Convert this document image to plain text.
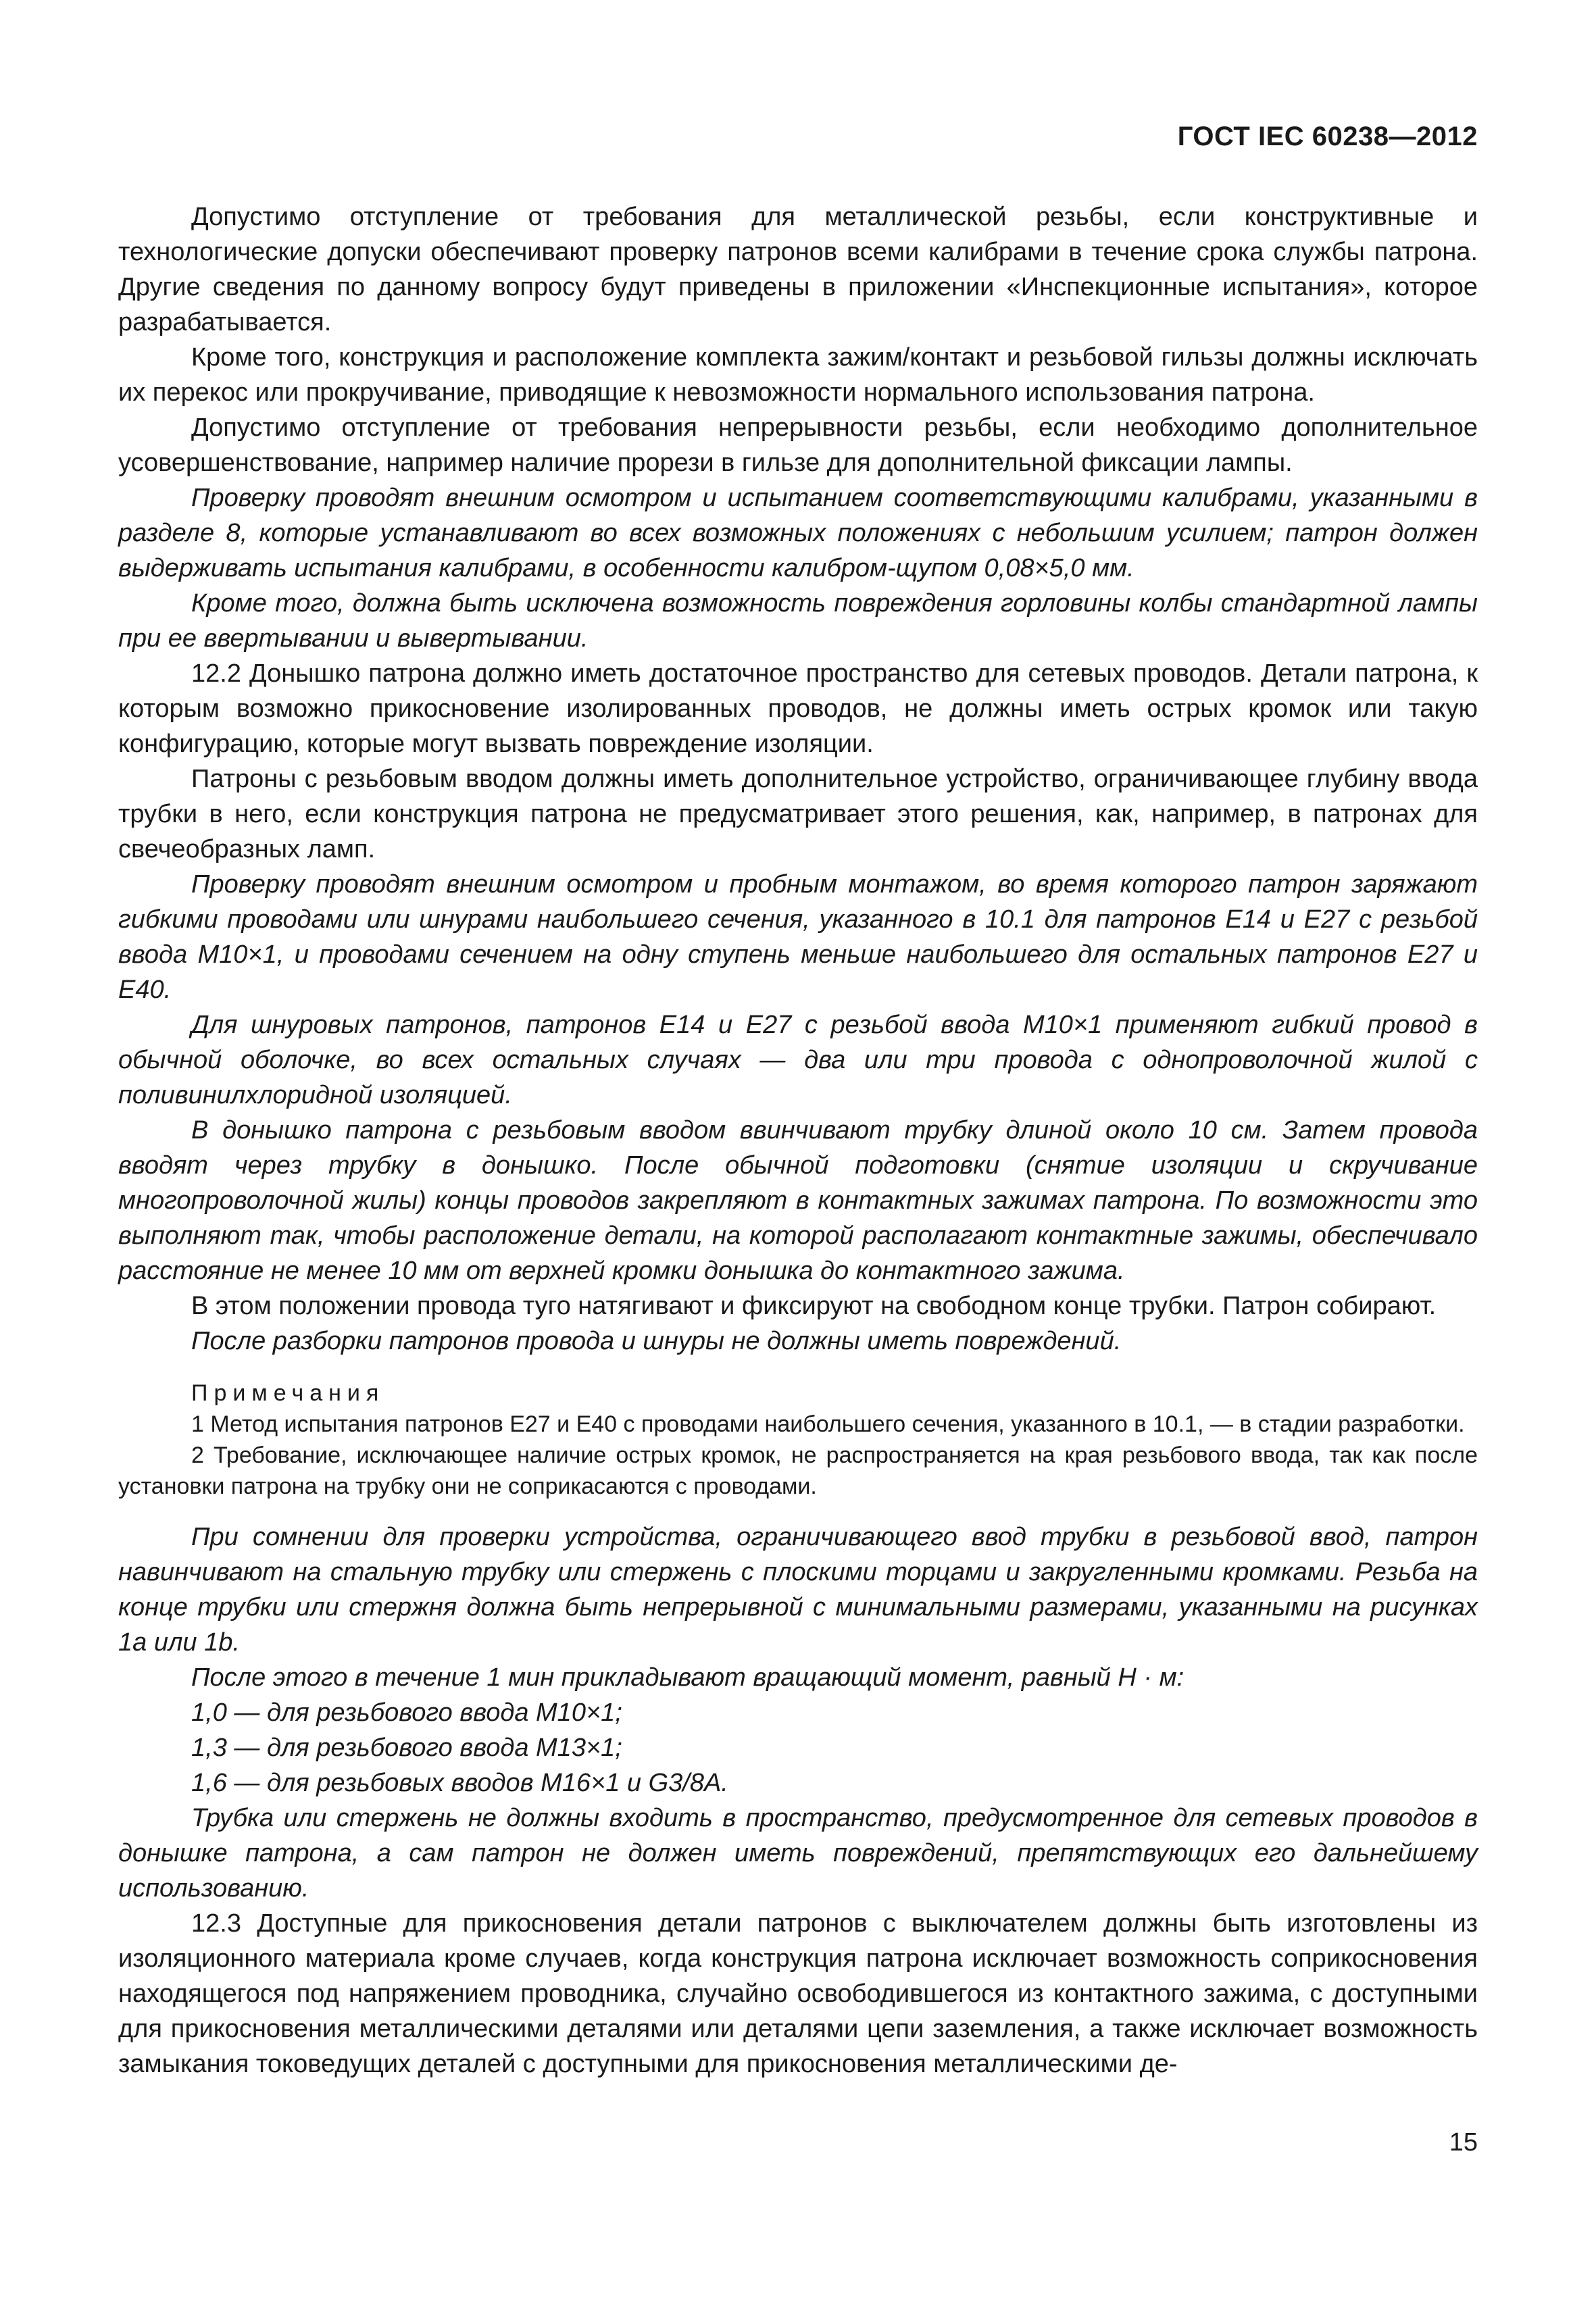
ГОСТ IEC 60238—2012

Допустимо отступление от требования для металлической резьбы, если конструктивные и технологические допуски обеспечивают проверку патронов всеми калибрами в течение срока службы патрона. Другие сведения по данному вопросу будут приведены в приложении «Инспекционные испытания», которое разрабатывается.

Кроме того, конструкция и расположение комплекта зажим/контакт и резьбовой гильзы должны исключать их перекос или прокручивание, приводящие к невозможности нормального использования патрона.

Допустимо отступление от требования непрерывности резьбы, если необходимо дополнительное усовершенствование, например наличие прорези в гильзе для дополнительной фиксации лампы.

Проверку проводят внешним осмотром и испытанием соответствующими калибрами, указанными в разделе 8, которые устанавливают во всех возможных положениях с небольшим усилием; патрон должен выдерживать испытания калибрами, в особенности калибром-щупом 0,08×5,0 мм.

Кроме того, должна быть исключена возможность повреждения горловины колбы стандартной лампы при ее ввертывании и вывертывании.

12.2 Донышко патрона должно иметь достаточное пространство для сетевых проводов. Детали патрона, к которым возможно прикосновение изолированных проводов, не должны иметь острых кромок или такую конфигурацию, которые могут вызвать повреждение изоляции.

Патроны с резьбовым вводом должны иметь дополнительное устройство, ограничивающее глубину ввода трубки в него, если конструкция патрона не предусматривает этого решения, как, например, в патронах для свечеобразных ламп.

Проверку проводят внешним осмотром и пробным монтажом, во время которого патрон заряжают гибкими проводами или шнурами наибольшего сечения, указанного в 10.1 для патронов Е14 и Е27 с резьбой ввода М10×1, и проводами сечением на одну ступень меньше наибольшего для остальных патронов Е27 и Е40.

Для шнуровых патронов, патронов Е14 и Е27 с резьбой ввода М10×1 применяют гибкий провод в обычной оболочке, во всех остальных случаях — два или три провода с однопроволочной жилой с поливинилхлоридной изоляцией.

В донышко патрона с резьбовым вводом ввинчивают трубку длиной около 10 см. Затем провода вводят через трубку в донышко. После обычной подготовки (снятие изоляции и скручивание многопроволочной жилы) концы проводов закрепляют в контактных зажимах патрона. По возможности это выполняют так, чтобы расположение детали, на которой располагают контактные зажимы, обеспечивало расстояние не менее 10 мм от верхней кромки донышка до контактного зажима.

В этом положении провода туго натягивают и фиксируют на свободном конце трубки. Патрон собирают.

После разборки патронов провода и шнуры не должны иметь повреждений.

Примечания

1 Метод испытания патронов Е27 и Е40 с проводами наибольшего сечения, указанного в 10.1, — в стадии разработки.

2 Требование, исключающее наличие острых кромок, не распространяется на края резьбового ввода, так как после установки патрона на трубку они не соприкасаются с проводами.

При сомнении для проверки устройства, ограничивающего ввод трубки в резьбовой ввод, патрон навинчивают на стальную трубку или стержень с плоскими торцами и закругленными кромками. Резьба на конце трубки или стержня должна быть непрерывной с минимальными размерами, указанными на рисунках 1а или 1b.

После этого в течение 1 мин прикладывают вращающий момент, равный Н · м:

1,0 — для резьбового ввода М10×1;

1,3 — для резьбового ввода М13×1;

1,6 — для резьбовых вводов М16×1 и G3/8A.

Трубка или стержень не должны входить в пространство, предусмотренное для сетевых проводов в донышке патрона, а сам патрон не должен иметь повреждений, препятствующих его дальнейшему использованию.

12.3 Доступные для прикосновения детали патронов с выключателем должны быть изготовлены из изоляционного материала кроме случаев, когда конструкция патрона исключает возможность соприкосновения находящегося под напряжением проводника, случайно освободившегося из контактного зажима, с доступными для прикосновения металлическими деталями или деталями цепи заземления, а также исключает возможность замыкания токоведущих деталей с доступными для прикосновения металлическими де-

15
